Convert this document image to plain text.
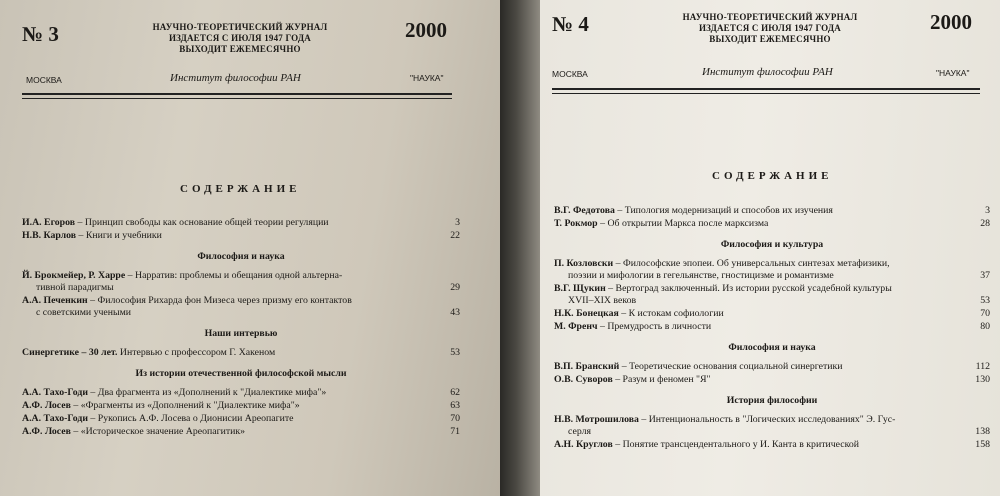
№ 3	НАУЧНО-ТЕОРЕТИЧЕСКИЙ ЖУРНАЛ
ИЗДАЕТСЯ С ИЮЛЯ 1947 ГОДА
ВЫХОДИТ ЕЖЕМЕСЯЧНО
2000
МОСКВА	Институт философии РАН	"НАУКА"
СОДЕРЖАНИЕ
И.А. Егоров – Принцип свободы как основание общей теории регуляции	3
Н.В. Карлов – Книги и учебники	22
Философия и наука
Й. Брокмейер, Р. Харре – Нарратив: проблемы и обещания одной альтерна-
тивной парадигмы	29
А.А. Печенкин – Философия Рихарда фон Мизеса через призму его контактов
с советскими учеными	43
Наши интервью
Синергетике – 30 лет. Интервью с профессором Г. Хакеном	53
Из истории отечественной философской мысли
А.А. Тахо-Годи – Два фрагмента из «Дополнений к "Диалектике мифа"»	62
А.Ф. Лосев – «Фрагменты из «Дополнений к "Диалектике мифа"»	63
А.А. Тахо-Годи – Рукопись А.Ф. Лосева о Дионисии Ареопагите	70
А.Ф. Лосев – «Историческое значение Ареопагитик»	71
№ 4	НАУЧНО-ТЕОРЕТИЧЕСКИЙ ЖУРНАЛ
ИЗДАЕТСЯ С ИЮЛЯ 1947 ГОДА
ВЫХОДИТ ЕЖЕМЕСЯЧНО
2000
МОСКВА	Институт философии РАН	"НАУКА"
СОДЕРЖАНИЕ
В.Г. Федотова – Типология модернизаций и способов их изучения	3
Т. Рокмор – Об открытии Маркса после марксизма	28
Философия и культура
П. Козловски – Философские эпопеи. Об универсальных синтезах метафизики,
поэзии и мифологии в гегельянстве, гностицизме и романтизме	37
В.Г. Щукин – Вертоград заключенный. Из истории русской усадебной культуры
XVII–XIX веков	53
Н.К. Бонецкая – К истокам софиологии	70
М. Френч – Премудрость в личности	80
Философия и наука
В.П. Бранский – Теоретические основания социальной синергетики	112
О.В. Суворов – Разум и феномен "Я"	130
История философии
Н.В. Мотрошилова – Интенциональность в "Логических исследованиях" Э. Гус-
серля	138
А.Н. Круглов – Понятие трансцендентального у И. Канта в критической	158
